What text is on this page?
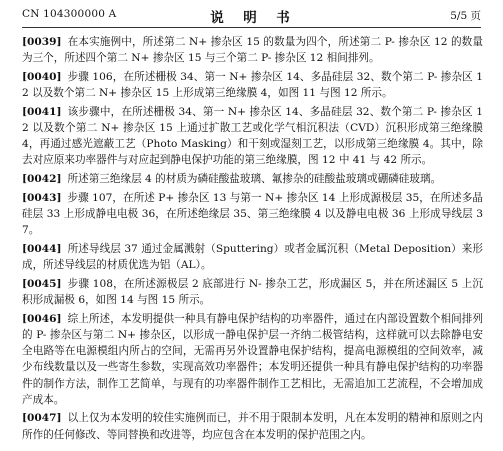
CN 104300000 A	说　明　书	5/5 页

[0039] 在本实施例中，所述第二 N+ 掺杂区 15 的数量为四个，所述第二 P- 掺杂区 12 的数量为三个，所述四个第二 N+ 掺杂区 15 与三个第二 P- 掺杂区 12 相间排列。

[0040] 步骤 106，在所述栅极 34、第一 N+ 掺杂区 14、多晶硅层 32、数个第二 P- 掺杂区 12 以及数个第二 N+ 掺杂区 15 上形成第三绝缘膜 4，如图 11 与图 12 所示。

[0041] 该步骤中，在所述栅极 34、第一 N+ 掺杂区 14、多晶硅层 32、数个第二 P- 掺杂区 12 以及数个第二 N+ 掺杂区 15 上通过扩散工艺或化学气相沉积法（CVD）沉积形成第三绝缘膜 4，再通过感光遮蔽工艺（Photo Masking）和干刻或湿刻工艺，以形成第三绝缘膜 4。其中，除去对应原来功率器件与对应起到静电保护功能的第三绝缘膜，图 12 中 41 与 42 所示。

[0042] 所述第三绝缘层 4 的材质为磷硅酸盐玻璃、氟掺杂的硅酸盐玻璃或硼磷硅玻璃。

[0043] 步骤 107，在所述 P+ 掺杂区 13 与第一 N+ 掺杂区 14 上形成源极层 35，在所述多晶硅层 33 上形成静电电极 36，在所述绝缘层 35、第三绝缘膜 4 以及静电电极 36 上形成导线层 37。

[0044] 所述导线层 37 通过金属溅射（Sputtering）或者金属沉积（Metal Deposition）来形成，所述导线层的材质优选为铝（AL）。

[0045] 步骤 108，在所述源极层 2 底部进行 N- 掺杂工艺，形成漏区 5，并在所述漏区 5 上沉积形成漏极 6，如图 14 与图 15 所示。

[0046] 综上所述，本发明提供一种具有静电保护结构的功率器件，通过在内部设置数个相间排列的 P- 掺杂区与第二 N+ 掺杂区，以形成一静电保护层一齐纳二极管结构，这样就可以去除静电安全电路等在电源模组内所占的空间，无需再另外设置静电保护结构，提高电源模组的空间效率，减少布线数量以及一些寄生参数，实现高效功率器件；本发明还提供一种具有静电保护结构的功率器件的制作方法，制作工艺简单，与现有的功率器件制作工艺相比，无需追加工艺流程，不会增加成产成本。

[0047] 以上仅为本发明的较佳实施例而已，并不用于限制本发明，凡在本发明的精神和原则之内所作的任何修改、等同替换和改进等，均应包含在本发明的保护范围之内。
